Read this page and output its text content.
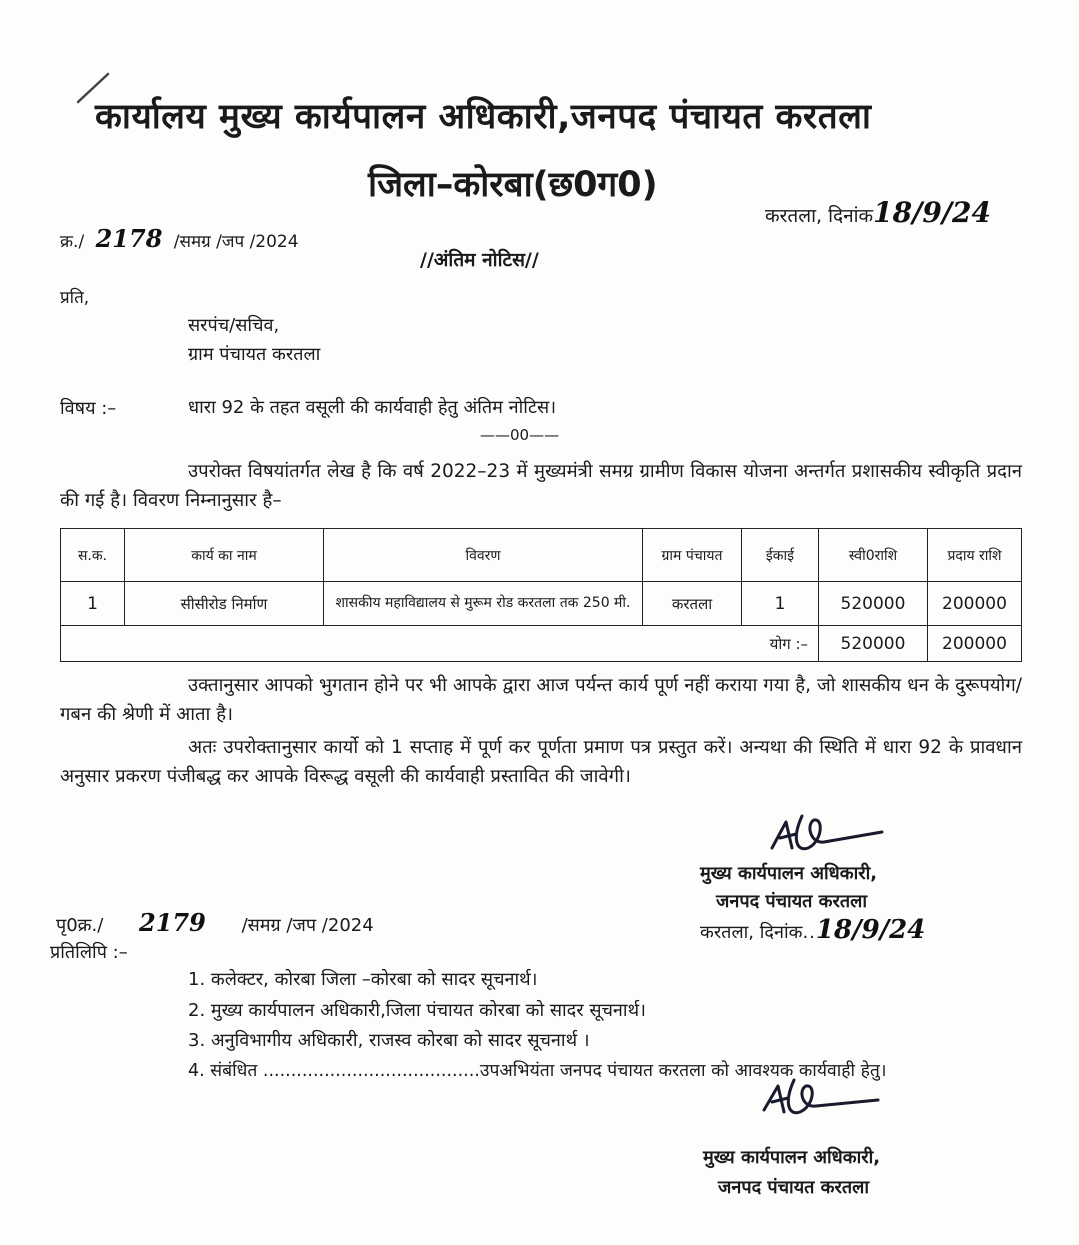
कार्यालय मुख्य कार्यपालन अधिकारी,जनपद पंचायत करतला
जिला–कोरबा(छ0ग0)
करतला, दिनांक18/9/24
क्र./ 2178 /समग्र /जप /2024
//अंतिम नोटिस//
प्रति,
सरपंच/सचिव,
ग्राम पंचायत करतला
विषय :–	धारा 92 के तहत वसूली की कार्यवाही हेतु अंतिम नोटिस।
——00——
उपरोक्त विषयांतर्गत लेख है कि वर्ष 2022–23 में मुख्यमंत्री समग्र ग्रामीण विकास योजना अन्तर्गत प्रशासकीय स्वीकृति प्रदान की गई है। विवरण निम्नानुसार है–
स.क.	कार्य का नाम	विवरण	ग्राम पंचायत	ईकाई	स्वी0राशि	प्रदाय राशि
1	सीसीरोड निर्माण	शासकीय महाविद्यालय से मुरूम रोड करतला तक 250 मी.	करतला	1	520000	200000
योग :–					520000	200000
उक्तानुसार आपको भुगतान होने पर भी आपके द्वारा आज पर्यन्त कार्य पूर्ण नहीं कराया गया है, जो शासकीय धन के दुरूपयोग/गबन की श्रेणी में आता है।
अतः उपरोक्तानुसार कार्यो को 1 सप्ताह में पूर्ण कर पूर्णता प्रमाण पत्र प्रस्तुत करें। अन्यथा की स्थिति में धारा 92 के प्रावधान अनुसार प्रकरण पंजीबद्ध कर आपके विरूद्ध वसूली की कार्यवाही प्रस्तावित की जावेगी।
मुख्य कार्यपालन अधिकारी,
जनपद पंचायत करतला
करतला, दिनांक..18/9/24
पृ0क्र./ 2179 /समग्र /जप /2024
प्रतिलिपि :–
1. कलेक्टर, कोरबा जिला –कोरबा को सादर सूचनार्थ।
2. मुख्य कार्यपालन अधिकारी,जिला पंचायत कोरबा को सादर सूचनार्थ।
3. अनुविभागीय अधिकारी, राजस्व कोरबा को सादर सूचनार्थ ।
4. संबंधित .......................................उपअभियंता जनपद पंचायत करतला को आवश्यक कार्यवाही हेतु।
मुख्य कार्यपालन अधिकारी,
जनपद पंचायत करतला
